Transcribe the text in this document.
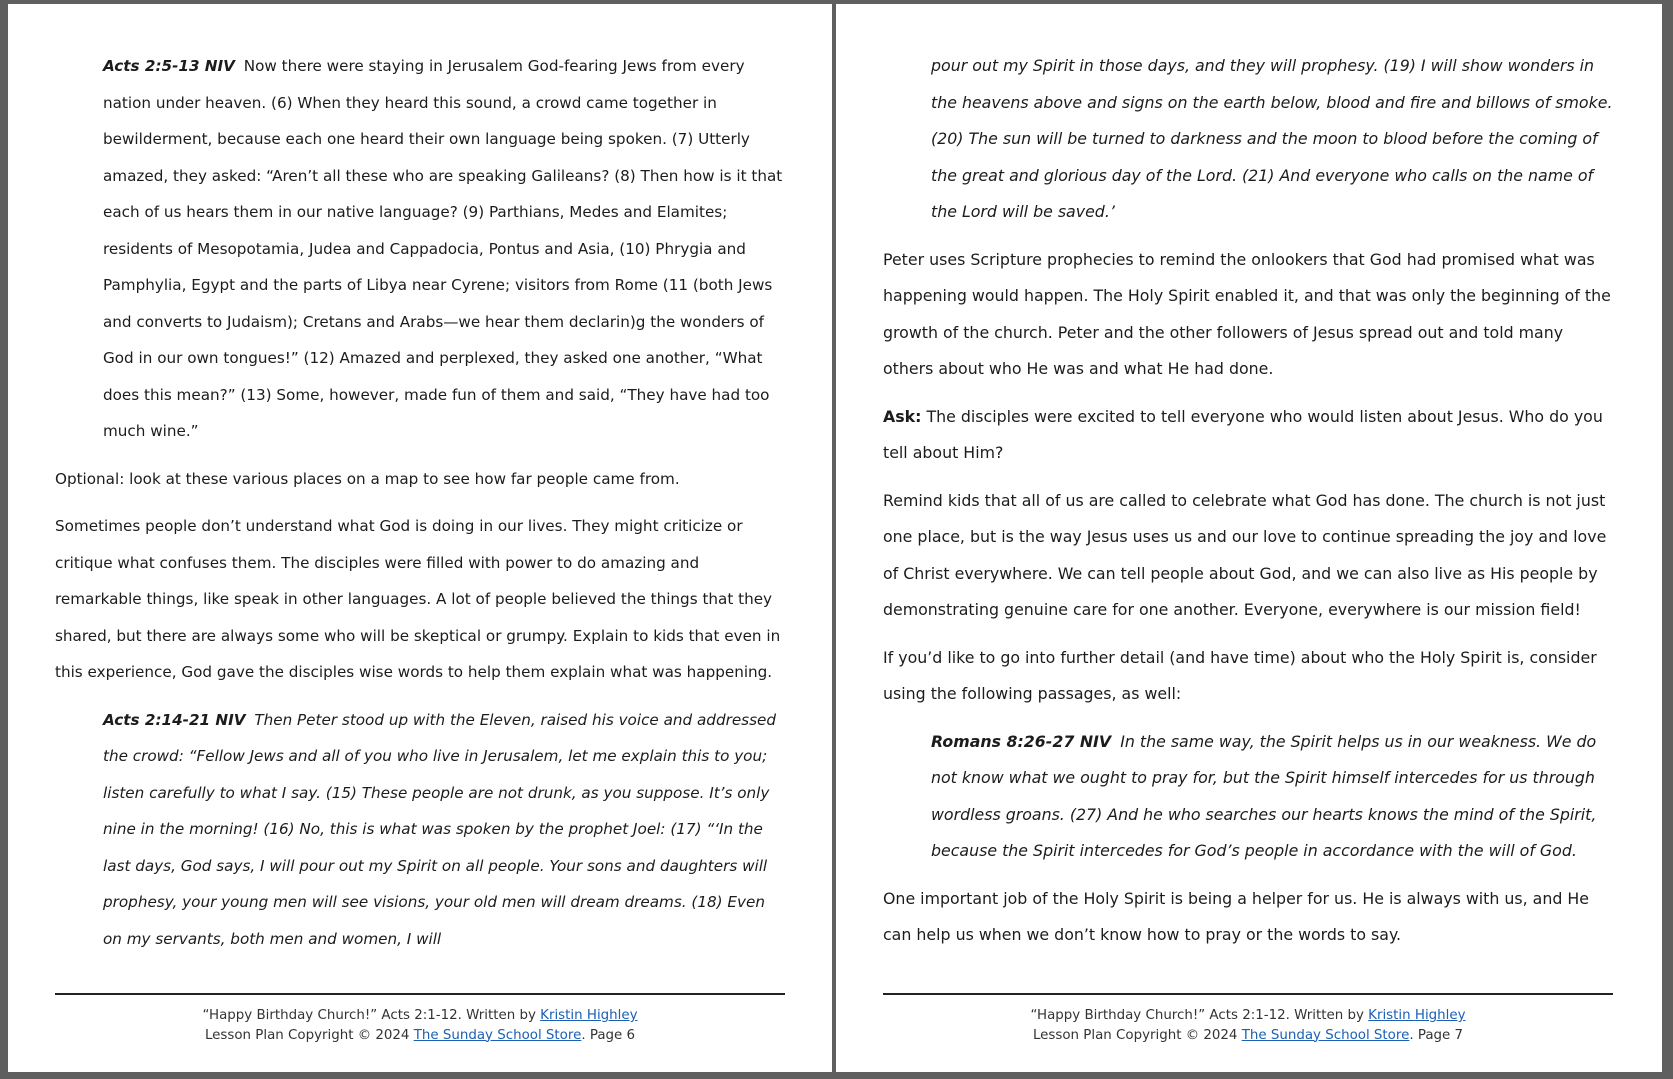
Acts 2:5-13 NIV Now there were staying in Jerusalem God-fearing Jews from every nation under heaven. (6) When they heard this sound, a crowd came together in bewilderment, because each one heard their own language being spoken. (7) Utterly amazed, they asked: “Aren’t all these who are speaking Galileans? (8) Then how is it that each of us hears them in our native language? (9) Parthians, Medes and Elamites; residents of Mesopotamia, Judea and Cappadocia, Pontus and Asia, (10) Phrygia and Pamphylia, Egypt and the parts of Libya near Cyrene; visitors from Rome (11 (both Jews and converts to Judaism); Cretans and Arabs—we hear them declarin)g the wonders of God in our own tongues!” (12) Amazed and perplexed, they asked one another, “What does this mean?” (13) Some, however, made fun of them and said, “They have had too much wine.”

Optional: look at these various places on a map to see how far people came from.

Sometimes people don’t understand what God is doing in our lives. They might criticize or critique what confuses them. The disciples were filled with power to do amazing and remarkable things, like speak in other languages. A lot of people believed the things that they shared, but there are always some who will be skeptical or grumpy. Explain to kids that even in this experience, God gave the disciples wise words to help them explain what was happening.

Acts 2:14-21 NIV Then Peter stood up with the Eleven, raised his voice and addressed the crowd: “Fellow Jews and all of you who live in Jerusalem, let me explain this to you; listen carefully to what I say. (15) These people are not drunk, as you suppose. It’s only nine in the morning! (16) No, this is what was spoken by the prophet Joel: (17) “‘In the last days, God says, I will pour out my Spirit on all people. Your sons and daughters will prophesy, your young men will see visions, your old men will dream dreams. (18) Even on my servants, both men and women, I will

“Happy Birthday Church!” Acts 2:1-12. Written by Kristin Highley
Lesson Plan Copyright © 2024 The Sunday School Store. Page 6

pour out my Spirit in those days, and they will prophesy. (19) I will show wonders in the heavens above and signs on the earth below, blood and fire and billows of smoke. (20) The sun will be turned to darkness and the moon to blood before the coming of the great and glorious day of the Lord. (21) And everyone who calls on the name of the Lord will be saved.’

Peter uses Scripture prophecies to remind the onlookers that God had promised what was happening would happen. The Holy Spirit enabled it, and that was only the beginning of the growth of the church. Peter and the other followers of Jesus spread out and told many others about who He was and what He had done.

Ask: The disciples were excited to tell everyone who would listen about Jesus. Who do you tell about Him?

Remind kids that all of us are called to celebrate what God has done. The church is not just one place, but is the way Jesus uses us and our love to continue spreading the joy and love of Christ everywhere. We can tell people about God, and we can also live as His people by demonstrating genuine care for one another. Everyone, everywhere is our mission field!

If you’d like to go into further detail (and have time) about who the Holy Spirit is, consider using the following passages, as well:

Romans 8:26-27 NIV In the same way, the Spirit helps us in our weakness. We do not know what we ought to pray for, but the Spirit himself intercedes for us through wordless groans. (27) And he who searches our hearts knows the mind of the Spirit, because the Spirit intercedes for God’s people in accordance with the will of God.

One important job of the Holy Spirit is being a helper for us. He is always with us, and He can help us when we don’t know how to pray or the words to say.

“Happy Birthday Church!” Acts 2:1-12. Written by Kristin Highley
Lesson Plan Copyright © 2024 The Sunday School Store. Page 7
